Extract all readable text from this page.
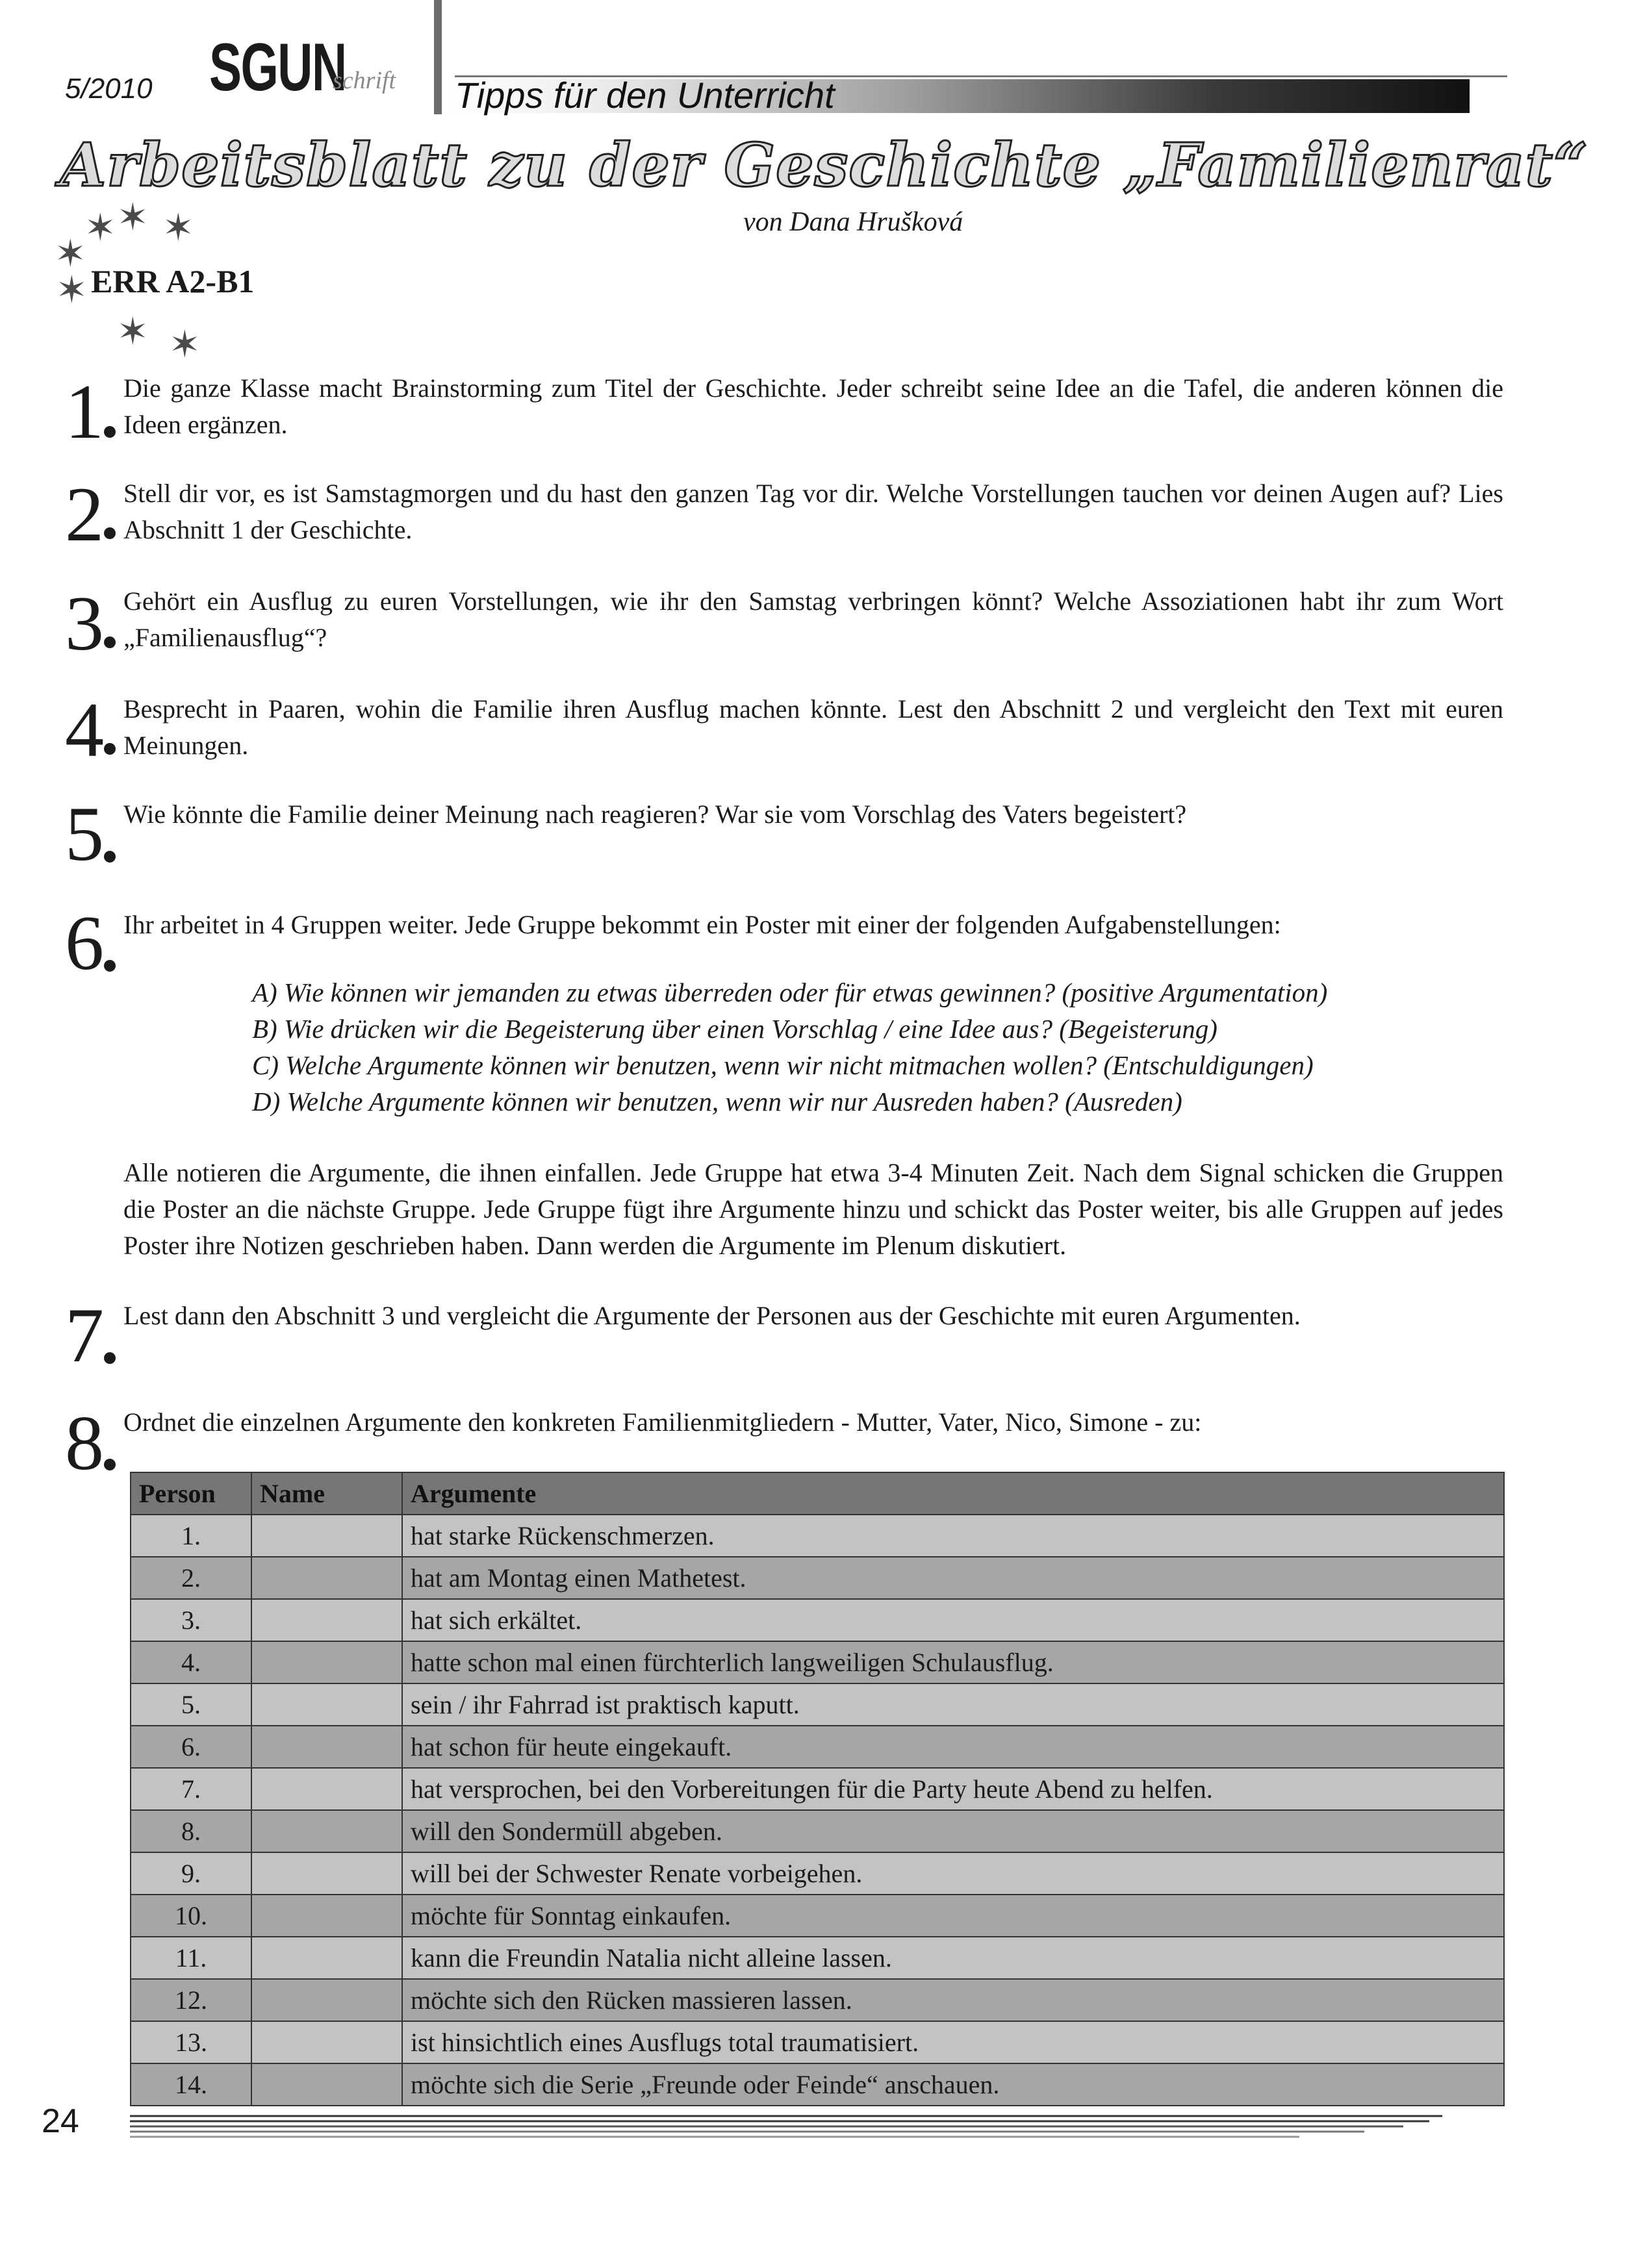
5/2010 SGUN
schrift Tipps für den Unterricht
Arbeitsblatt zu der Geschichte „Familienrat“
von Dana Hrušková
✶ ✶ ✶
✶
✶
✶ ✶
ERR A2-B1
1 Die ganze Klasse macht Brainstorming zum Titel der Geschichte. Jeder schreibt seine Idee an die Tafel, die anderen können die Ideen ergänzen.
2 Stell dir vor, es ist Samstagmorgen und du hast den ganzen Tag vor dir. Welche Vorstellungen tauchen vor deinen Augen auf? Lies Abschnitt 1 der Geschichte.
3 Gehört ein Ausflug zu euren Vorstellungen, wie ihr den Samstag verbringen könnt? Welche Assoziationen habt ihr zum Wort „Familienausflug“?
4 Besprecht in Paaren, wohin die Familie ihren Ausflug machen könnte. Lest den Abschnitt 2 und vergleicht den Text mit euren Meinungen.
5 Wie könnte die Familie deiner Meinung nach reagieren? War sie vom Vorschlag des Vaters begeistert?
6 Ihr arbeitet in 4 Gruppen weiter. Jede Gruppe bekommt ein Poster mit einer der folgenden Aufgabenstellungen:
A) Wie können wir jemanden zu etwas überreden oder für etwas gewinnen? (positive Argumentation)
B) Wie drücken wir die Begeisterung über einen Vorschlag / eine Idee aus? (Begeisterung)
C) Welche Argumente können wir benutzen, wenn wir nicht mitmachen wollen? (Entschuldigungen)
D) Welche Argumente können wir benutzen, wenn wir nur Ausreden haben? (Ausreden)
Alle notieren die Argumente, die ihnen einfallen. Jede Gruppe hat etwa 3-4 Minuten Zeit. Nach dem Signal schicken die Gruppen die Poster an die nächste Gruppe. Jede Gruppe fügt ihre Argumente hinzu und schickt das Poster weiter, bis alle Gruppen auf jedes Poster ihre Notizen geschrieben haben. Dann werden die Argumente im Plenum diskutiert.
7 Lest dann den Abschnitt 3 und vergleicht die Argumente der Personen aus der Geschichte mit euren Argumenten.
8 Ordnet die einzelnen Argumente den konkreten Familienmitgliedern - Mutter, Vater, Nico, Simone - zu:
Person	Name	Argumente
1.		hat starke Rückenschmerzen.
2.		hat am Montag einen Mathetest.
3.		hat sich erkältet.
4.		hatte schon mal einen fürchterlich langweiligen Schulausflug.
5.		sein / ihr Fahrrad ist praktisch kaputt.
6.		hat schon für heute eingekauft.
7.		hat versprochen, bei den Vorbereitungen für die Party heute Abend zu helfen.
8.		will den Sondermüll abgeben.
9.		will bei der Schwester Renate vorbeigehen.
10.		möchte für Sonntag einkaufen.
11.		kann die Freundin Natalia nicht alleine lassen.
12.		möchte sich den Rücken massieren lassen.
13.		ist hinsichtlich eines Ausflugs total traumatisiert.
14.		möchte sich die Serie „Freunde oder Feinde“ anschauen.
24
